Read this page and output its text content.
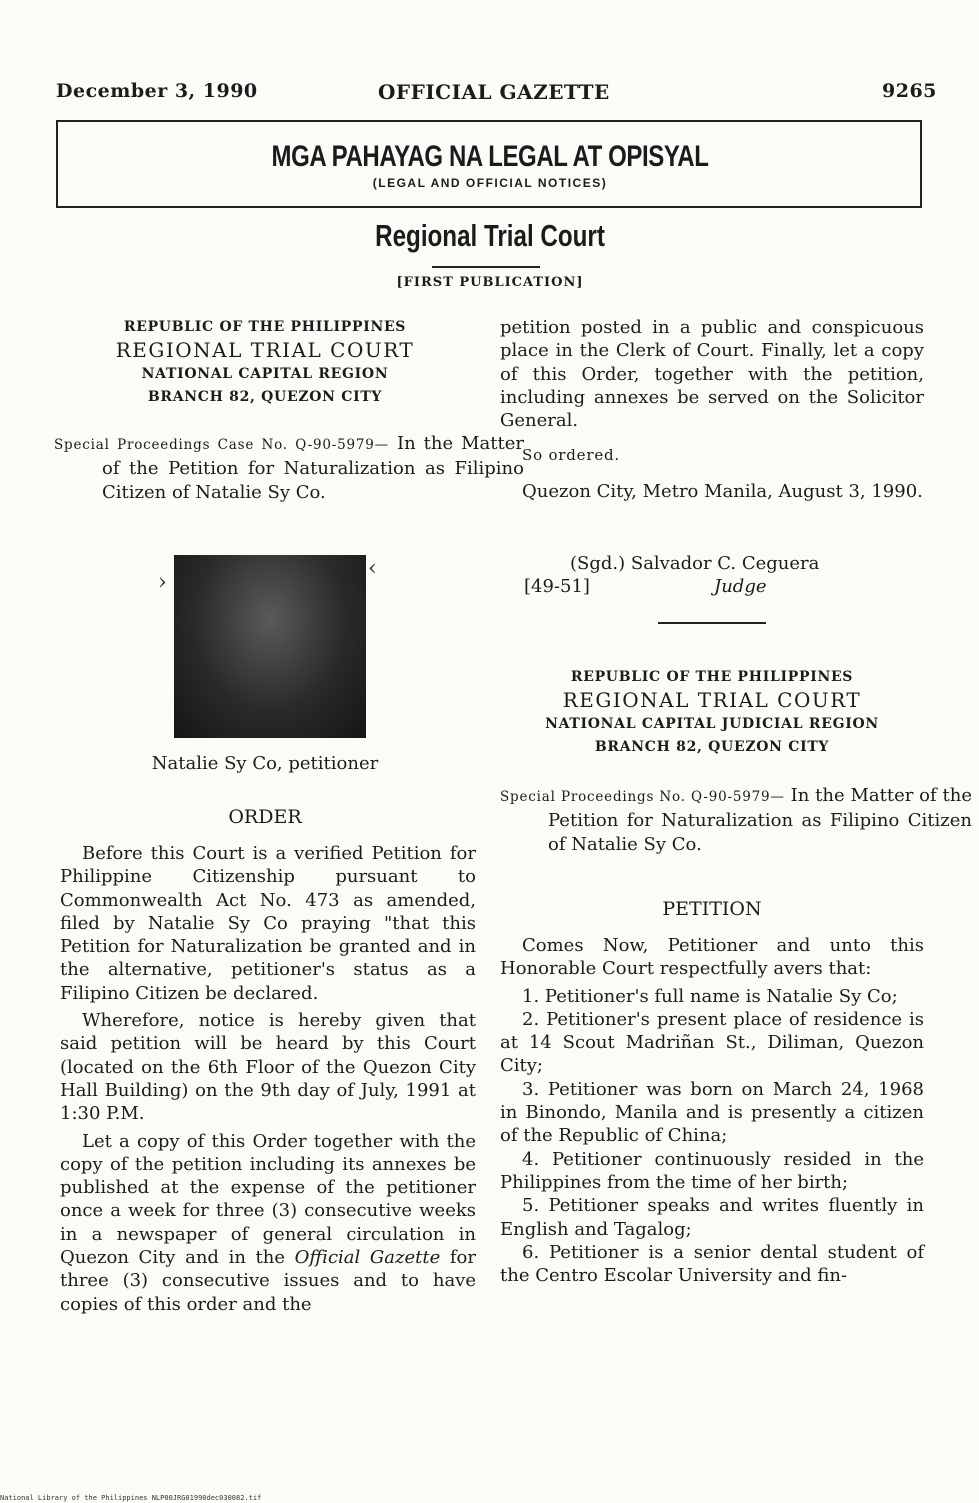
December 3, 1990	OFFICIAL GAZETTE	9265
MGA PAHAYAG NA LEGAL AT OPISYAL
(LEGAL AND OFFICIAL NOTICES)
Regional Trial Court
[FIRST PUBLICATION]
REPUBLIC OF THE PHILIPPINES
REGIONAL TRIAL COURT
NATIONAL CAPITAL REGION
BRANCH 82, QUEZON CITY
Special Proceedings Case No. Q-90-5979— In the Matter of the Petition for Naturalization as Filipino Citizen of Natalie Sy Co.
›
‹
Natalie Sy Co, petitioner
ORDER

Before this Court is a verified Petition for Philippine Citizenship pursuant to Commonwealth Act No. 473 as amended, filed by Natalie Sy Co praying "that this Petition for Naturalization be granted and in the alternative, petitioner's status as a Filipino Citizen be declared.

Wherefore, notice is hereby given that said petition will be heard by this Court (located on the 6th Floor of the Quezon City Hall Building) on the 9th day of July, 1991 at 1:30 P.M.

Let a copy of this Order together with the copy of the petition including its annexes be published at the expense of the petitioner once a week for three (3) consecutive weeks in a newspaper of general circulation in Quezon City and in the Official Gazette for three (3) consecutive issues and to have copies of this order and the

petition posted in a public and conspicuous place in the Clerk of Court. Finally, let a copy of this Order, together with the petition, including annexes be served on the Solicitor General.

So ordered.

Quezon City, Metro Manila, August 3, 1990.

(Sgd.) Salvador C. Ceguera
[49-51]	Judge
REPUBLIC OF THE PHILIPPINES
REGIONAL TRIAL COURT
NATIONAL CAPITAL JUDICIAL REGION
BRANCH 82, QUEZON CITY
Special Proceedings No. Q-90-5979— In the Matter of the Petition for Naturalization as Filipino Citizen of Natalie Sy Co.
PETITION

Comes Now, Petitioner and unto this Honorable Court respectfully avers that:

1. Petitioner's full name is Natalie Sy Co;

2. Petitioner's present place of residence is at 14 Scout Madriñan St., Diliman, Quezon City;

3. Petitioner was born on March 24, 1968 in Binondo, Manila and is presently a citizen of the Republic of China;

4. Petitioner continuously resided in the Philippines from the time of her birth;

5. Petitioner speaks and writes fluently in English and Tagalog;

6. Petitioner is a senior dental student of the Centro Escolar University and fin-

National Library of the Philippines NLP00JRG01990dec030082.tif
